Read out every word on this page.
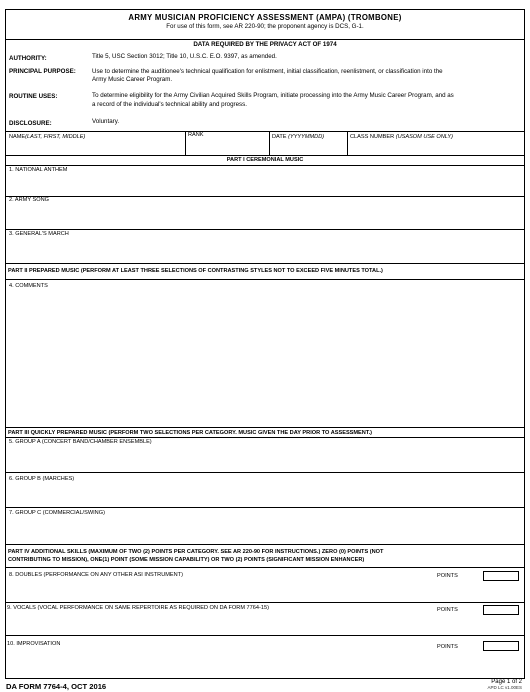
ARMY MUSICIAN PROFICIENCY ASSESSMENT (AMPA) (TROMBONE)
For use of this form, see AR 220-90; the proponent agency is DCS, G-1.
DATA REQUIRED BY THE PRIVACY ACT OF 1974
AUTHORITY:	Title 5, USC Section 3012; Title 10, U.S.C. E.O. 9397, as amended.
PRINCIPAL PURPOSE:	Use to determine the auditionee's technical qualification for enlistment, initial classification, reenlistment, or classification into the
Army Music Career Program.
ROUTINE USES:	To determine eligibility for the Army Civilian Acquired Skills Program, initiate processing into the Army Music Career Program, and as
a record of the individual's technical ability and progress.
DISCLOSURE:	Voluntary.
NAME(LAST, FIRST, MIDDLE)	RANK	DATE (YYYYMMDD)	CLASS NUMBER (USASOM USE ONLY)
PART I CEREMONIAL MUSIC
1. NATIONAL ANTHEM
2. ARMY SONG
3. GENERAL'S MARCH
PART II PREPARED MUSIC (PERFORM AT LEAST THREE SELECTIONS OF CONTRASTING STYLES NOT TO EXCEED FIVE MINUTES TOTAL.)
4. COMMENTS
PART III QUICKLY PREPARED MUSIC (PERFORM TWO SELECTIONS PER CATEGORY. MUSIC GIVEN THE DAY PRIOR TO ASSESSMENT.)
5. GROUP A (CONCERT BAND/CHAMBER ENSEMBLE)
6. GROUP B (MARCHES)
7. GROUP C (COMMERCIAL/SWING)
PART IV ADDITIONAL SKILLS (MAXIMUM OF TWO (2) POINTS PER CATEGORY. SEE AR 220-90 FOR INSTRUCTIONS.) ZERO (0) POINTS (NOT
CONTRIBUTING TO MISSION), ONE(1) POINT (SOME MISSION CAPABILITY) OR TWO (2) POINTS (SIGNIFICANT MISSION ENHANCER)
8. DOUBLES (PERFORMANCE ON ANY OTHER ASI INSTRUMENT)	POINTS
9. VOCALS (VOCAL PERFORMANCE ON SAME REPERTOIRE AS REQUIRED ON DA FORM 7764-15)	POINTS
10. IMPROVISATION	POINTS
DA FORM 7764-4, OCT 2016	Page 1 of 2
APD LC v1.00ES
